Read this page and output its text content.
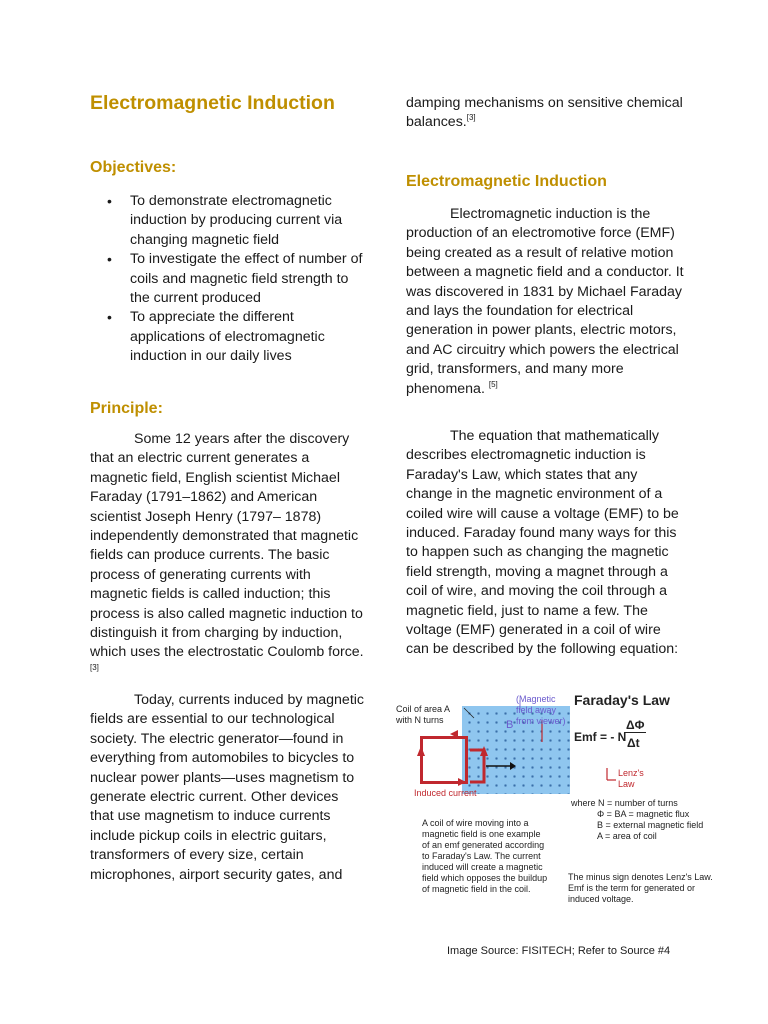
Electromagnetic Induction
Objectives:
• To demonstrate electromagnetic induction by producing current via changing magnetic field
• To investigate the effect of number of coils and magnetic field strength to the current produced
• To appreciate the different applications of electromagnetic induction in our daily lives
Principle:

Some 12 years after the discovery that an electric current generates a magnetic field, English scientist Michael Faraday (1791–1862) and American scientist Joseph Henry (1797– 1878) independently demonstrated that magnetic fields can produce currents. The basic process of generating currents with magnetic fields is called induction; this process is also called magnetic induction to distinguish it from charging by induction, which uses the electrostatic Coulomb force. [3]

Today, currents induced by magnetic fields are essential to our technological society. The electric generator—found in everything from automobiles to bicycles to nuclear power plants—uses magnetism to generate electric current. Other devices that use magnetism to induce currents include pickup coils in electric guitars, transformers of every size, certain microphones, airport security gates, and

damping mechanisms on sensitive chemical balances.[3]

Electromagnetic Induction

Electromagnetic induction is the production of an electromotive force (EMF) being created as a result of relative motion between a magnetic field and a conductor. It was discovered in 1831 by Michael Faraday and lays the foundation for electrical generation in power plants, electric motors, and AC circuitry which powers the electrical grid, transformers, and many more phenomena. [5]

The equation that mathematically describes electromagnetic induction is Faraday's Law, which states that any change in the magnetic environment of a coiled wire will cause a voltage (EMF) to be induced. Faraday found many ways for this to happen such as changing the magnetic field strength, moving a magnet through a coil of wire, and moving the coil through a magnetic field, just to name a few. The voltage (EMF) generated in a coil of wire can be described by the following equation:

Coil of area A
with N turns
(Magnetic
field away
from viewer)
B
Induced current
Faraday's Law
Emf = - N
ΔΦ
Δt
Lenz's
Law
where N = number of turns
Φ = BA = magnetic flux
B = external magnetic field
A = area of coil
A coil of wire moving into a
magnetic field is one example
of an emf generated according
to Faraday's Law. The current
induced will create a magnetic
field which opposes the buildup
of magnetic field in the coil.
The minus sign denotes Lenz's Law.
Emf is the term for generated or
induced voltage.
Image Source: FISITECH; Refer to Source #4
